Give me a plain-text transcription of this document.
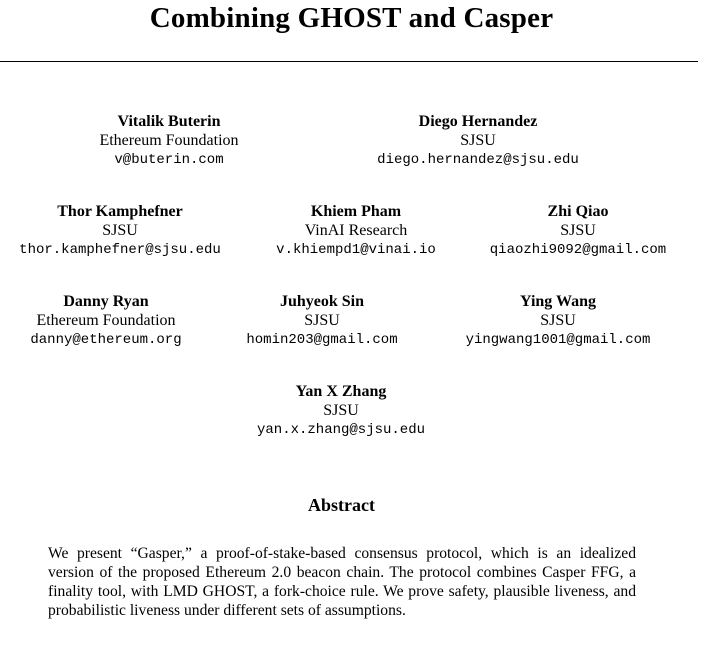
Combining GHOST and Casper
Vitalik Buterin
Ethereum Foundation
v@buterin.com
Diego Hernandez
SJSU
diego.hernandez@sjsu.edu
Thor Kamphefner
SJSU
thor.kamphefner@sjsu.edu
Khiem Pham
VinAI Research
v.khiempd1@vinai.io
Zhi Qiao
SJSU
qiaozhi9092@gmail.com
Danny Ryan
Ethereum Foundation
danny@ethereum.org
Juhyeok Sin
SJSU
homin203@gmail.com
Ying Wang
SJSU
yingwang1001@gmail.com
Yan X Zhang
SJSU
yan.x.zhang@sjsu.edu
Abstract
We present “Gasper,” a proof-of-stake-based consensus protocol, which is an idealized version of the proposed Ethereum 2.0 beacon chain. The protocol combines Casper FFG, a finality tool, with LMD GHOST, a fork-choice rule. We prove safety, plausible liveness, and probabilistic liveness under different sets of assumptions.
